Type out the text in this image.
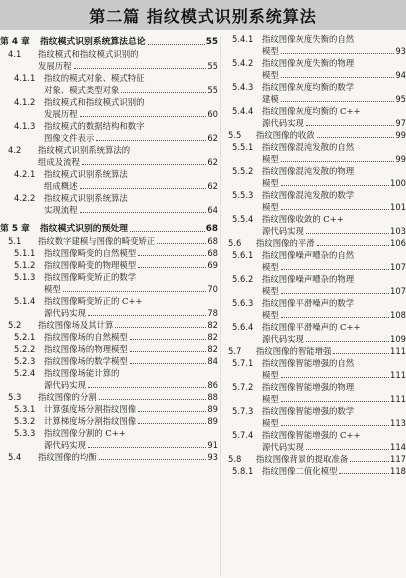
第二篇 指纹模式识别系统算法
第 4 章	指纹模式识别系统算法总论	55
4.1	指纹模式和指纹模式识别的
发展历程	55
4.1.1	指纹的模式对象、模式特征
对象、模式类型对象	55
4.1.2	指纹模式和指纹模式识别的
发展历程	60
4.1.3	指纹模式的数据结构和数字
图像文件表示	62
4.2	指纹模式识别系统算法的
组成及流程	62
4.2.1	指纹模式识别系统算法
组成概述	62
4.2.2	指纹模式识别系统算法
实现流程	64
第 5 章	指纹模式识别的预处理	68
5.1	指纹数字建模与图像的畸变矫正	68
5.1.1	指纹图像畸变的自然模型	68
5.1.2	指纹图像畸变的物理模型	69
5.1.3	指纹图像畸变矫正的数学
模型	70
5.1.4	指纹图像畸变矫正的 C++
源代码实现	78
5.2	指纹图像场及其计算	82
5.2.1	指纹图像场的自然模型	82
5.2.2	指纹图像场的物理模型	82
5.2.3	指纹图像场的数学模型	84
5.2.4	指纹图像场能计算的
源代码实现	86
5.3	指纹图像的分割	88
5.3.1	计算强度场分割指纹图像	89
5.3.2	计算梯度场分割指纹图像	89
5.3.3	指纹图像分割的 C++
源代码实现	91
5.4	指纹图像的均衡	93
5.4.1	指纹图像灰度失衡的自然
模型	93
5.4.2	指纹图像灰度失衡的物理
模型	94
5.4.3	指纹图像灰度均衡的数学
建模	95
5.4.4	指纹图像灰度均衡的 C++
源代码实现	97
5.5	指纹图像的收敛	99
5.5.1	指纹图像混沌发散的自然
模型	99
5.5.2	指纹图像混沌发散的物理
模型	100
5.5.3	指纹图像混沌发散的数学
模型	101
5.5.4	指纹图像收敛的 C++
源代码实现	103
5.6	指纹图像的平滑	106
5.6.1	指纹图像噪声嘈杂的自然
模型	107
5.6.2	指纹图像噪声嘈杂的物理
模型	107
5.6.3	指纹图像平滑噪声的数学
模型	108
5.6.4	指纹图像平滑噪声的 C++
源代码实现	109
5.7	指纹图像的智能增强	111
5.7.1	指纹图像智能增强的自然
模型	111
5.7.2	指纹图像智能增强的物理
模型	111
5.7.3	指纹图像智能增强的数学
模型	113
5.7.4	指纹图像智能增强的 C++
源代码实现	114
5.8	指纹图像背景的提取准备	117
5.8.1	指纹图像二值化模型	118
